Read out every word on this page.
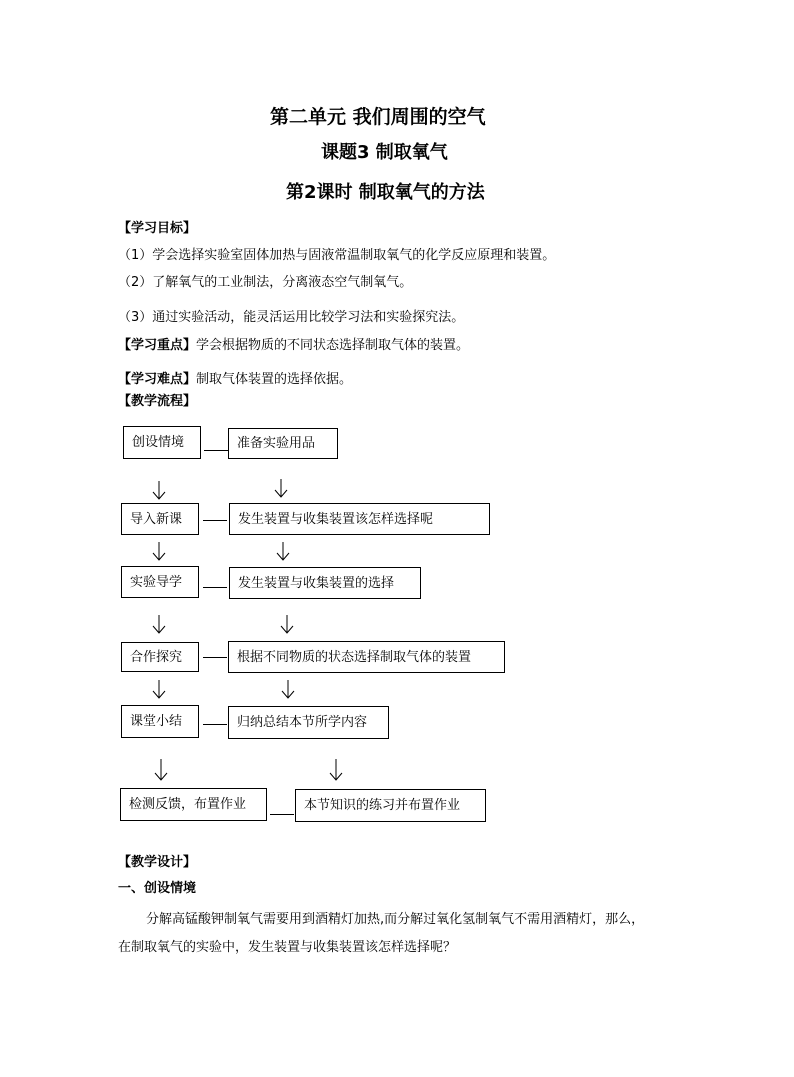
第二单元 我们周围的空气
课题3 制取氧气
第2课时 制取氧气的方法
【学习目标】
（1）学会选择实验室固体加热与固液常温制取氧气的化学反应原理和装置。
（2）了解氧气的工业制法，分离液态空气制氧气。
（3）通过实验活动，能灵活运用比较学习法和实验探究法。
【学习重点】学会根据物质的不同状态选择制取气体的装置。
【学习难点】制取气体装置的选择依据。
【教学流程】
创设情境	准备实验用品
导入新课	发生装置与收集装置该怎样选择呢
实验导学	发生装置与收集装置的选择
合作探究	根据不同物质的状态选择制取气体的装置
课堂小结	归纳总结本节所学内容
检测反馈，布置作业	本节知识的练习并布置作业
【教学设计】
一、创设情境
分解高锰酸钾制氧气需要用到酒精灯加热,而分解过氧化氢制氧气不需用酒精灯，那么，
在制取氧气的实验中，发生装置与收集装置该怎样选择呢？
